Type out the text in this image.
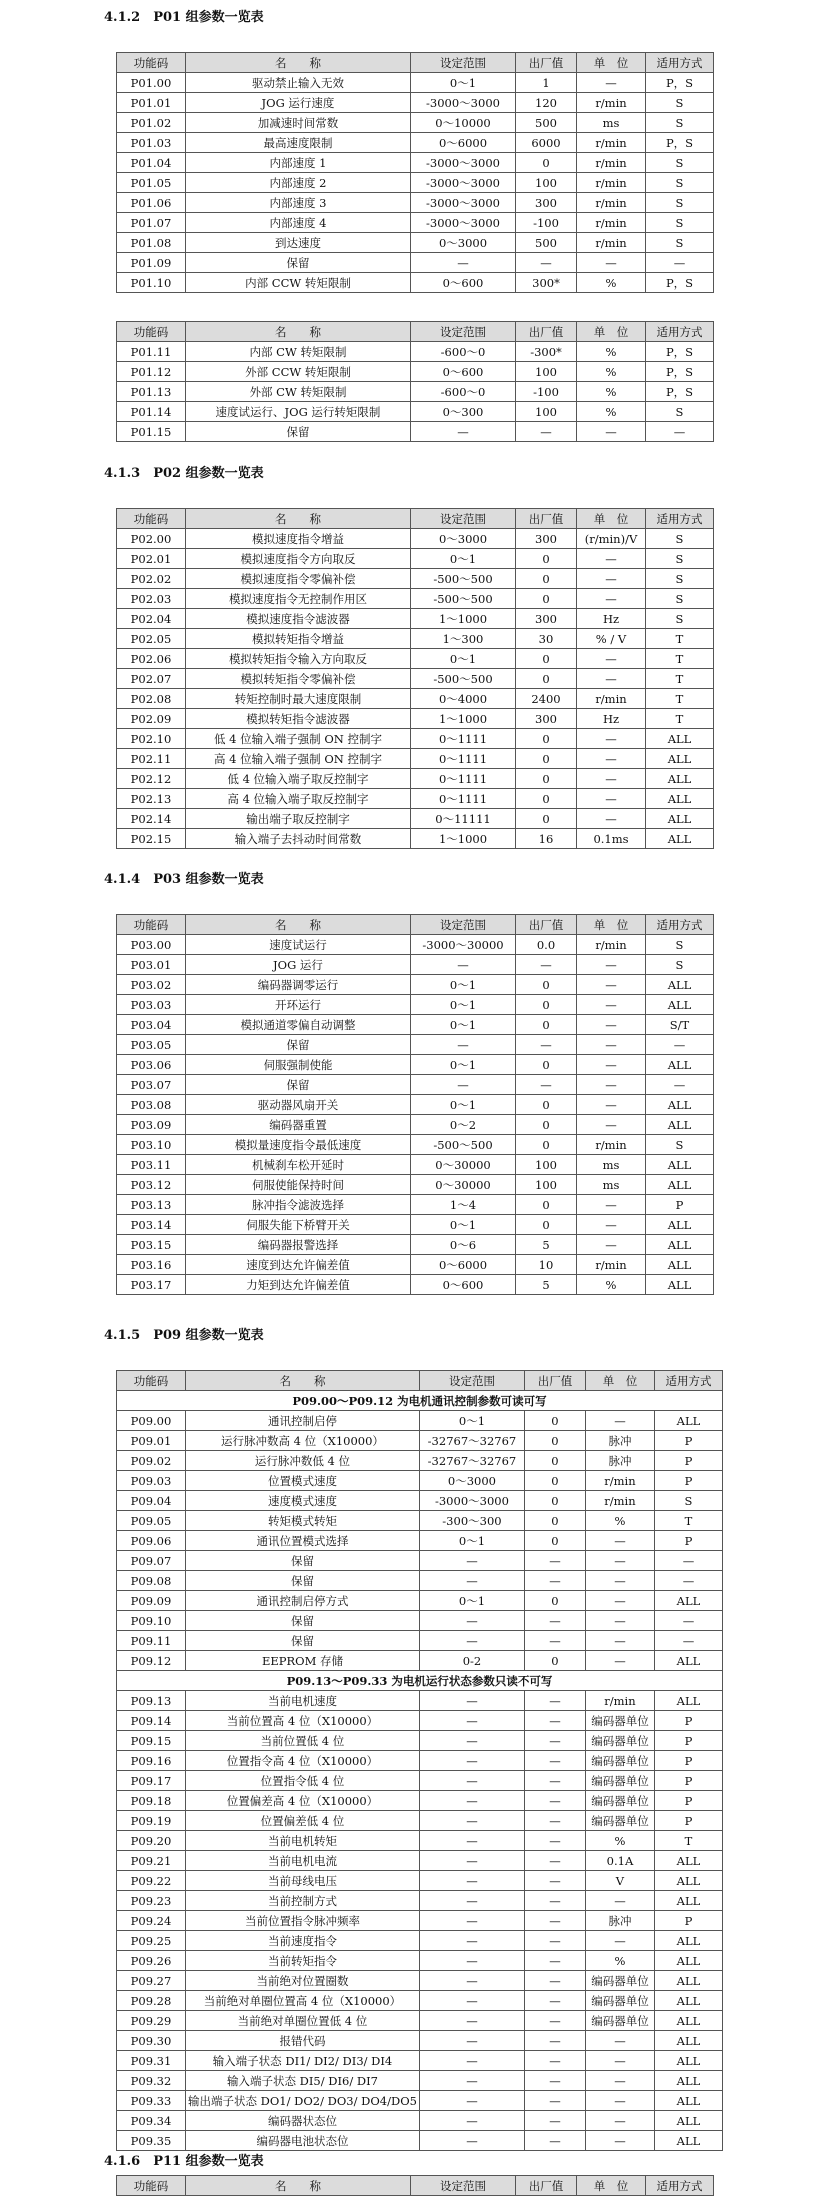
4.1.2　P01 组参数一览表
功能码	名　　称	设定范围	出厂值	单　位	适用方式
P01.00	驱动禁止输入无效	0～1	1	—	P，S
P01.01	JOG 运行速度	-3000～3000	120	r/min	S
P01.02	加减速时间常数	0～10000	500	ms	S
P01.03	最高速度限制	0～6000	6000	r/min	P，S
P01.04	内部速度 1	-3000～3000	0	r/min	S
P01.05	内部速度 2	-3000～3000	100	r/min	S
P01.06	内部速度 3	-3000～3000	300	r/min	S
P01.07	内部速度 4	-3000～3000	-100	r/min	S
P01.08	到达速度	0～3000	500	r/min	S
P01.09	保留	—	—	—	—
P01.10	内部 CCW 转矩限制	0～600	300*	%	P，S
功能码	名　　称	设定范围	出厂值	单　位	适用方式
P01.11	内部 CW 转矩限制	-600～0	-300*	%	P，S
P01.12	外部 CCW 转矩限制	0～600	100	%	P，S
P01.13	外部 CW 转矩限制	-600～0	-100	%	P，S
P01.14	速度试运行、JOG 运行转矩限制	0～300	100	%	S
P01.15	保留	—	—	—	—
4.1.3　P02 组参数一览表
功能码	名　　称	设定范围	出厂值	单　位	适用方式
P02.00	模拟速度指令增益	0～3000	300	(r/min)/V	S
P02.01	模拟速度指令方向取反	0～1	0	—	S
P02.02	模拟速度指令零偏补偿	-500～500	0	—	S
P02.03	模拟速度指令无控制作用区	-500～500	0	—	S
P02.04	模拟速度指令滤波器	1～1000	300	Hz	S
P02.05	模拟转矩指令增益	1～300	30	% / V	T
P02.06	模拟转矩指令输入方向取反	0～1	0	—	T
P02.07	模拟转矩指令零偏补偿	-500～500	0	—	T
P02.08	转矩控制时最大速度限制	0～4000	2400	r/min	T
P02.09	模拟转矩指令滤波器	1～1000	300	Hz	T
P02.10	低 4 位输入端子强制 ON 控制字	0～1111	0	—	ALL
P02.11	高 4 位输入端子强制 ON 控制字	0～1111	0	—	ALL
P02.12	低 4 位输入端子取反控制字	0～1111	0	—	ALL
P02.13	高 4 位输入端子取反控制字	0～1111	0	—	ALL
P02.14	输出端子取反控制字	0～11111	0	—	ALL
P02.15	输入端子去抖动时间常数	1～1000	16	0.1ms	ALL
4.1.4　P03 组参数一览表
功能码	名　　称	设定范围	出厂值	单　位	适用方式
P03.00	速度试运行	-3000～30000	0.0	r/min	S
P03.01	JOG 运行	—	—	—	S
P03.02	编码器调零运行	0～1	0	—	ALL
P03.03	开环运行	0～1	0	—	ALL
P03.04	模拟通道零偏自动调整	0～1	0	—	S/T
P03.05	保留	—	—	—	—
P03.06	伺服强制使能	0～1	0	—	ALL
P03.07	保留	—	—	—	—
P03.08	驱动器风扇开关	0～1	0	—	ALL
P03.09	编码器重置	0～2	0	—	ALL
P03.10	模拟量速度指令最低速度	-500～500	0	r/min	S
P03.11	机械刹车松开延时	0～30000	100	ms	ALL
P03.12	伺服使能保持时间	0～30000	100	ms	ALL
P03.13	脉冲指令滤波选择	1～4	0	—	P
P03.14	伺服失能下桥臂开关	0～1	0	—	ALL
P03.15	编码器报警选择	0～6	5	—	ALL
P03.16	速度到达允许偏差值	0～6000	10	r/min	ALL
P03.17	力矩到达允许偏差值	0～600	5	%	ALL
4.1.5　P09 组参数一览表
功能码	名　　称	设定范围	出厂值	单　位	适用方式
P09.00～P09.12 为电机通讯控制参数可读可写					
P09.00	通讯控制启停	0～1	0	—	ALL
P09.01	运行脉冲数高 4 位（X10000）	-32767～32767	0	脉冲	P
P09.02	运行脉冲数低 4 位	-32767～32767	0	脉冲	P
P09.03	位置模式速度	0～3000	0	r/min	P
P09.04	速度模式速度	-3000～3000	0	r/min	S
P09.05	转矩模式转矩	-300～300	0	%	T
P09.06	通讯位置模式选择	0～1	0	—	P
P09.07	保留	—	—	—	—
P09.08	保留	—	—	—	—
P09.09	通讯控制启停方式	0～1	0	—	ALL
P09.10	保留	—	—	—	—
P09.11	保留	—	—	—	—
P09.12	EEPROM 存储	0-2	0	—	ALL
P09.13～P09.33 为电机运行状态参数只读不可写					
P09.13	当前电机速度	—	—	r/min	ALL
P09.14	当前位置高 4 位（X10000）	—	—	编码器单位	P
P09.15	当前位置低 4 位	—	—	编码器单位	P
P09.16	位置指令高 4 位（X10000）	—	—	编码器单位	P
P09.17	位置指令低 4 位	—	—	编码器单位	P
P09.18	位置偏差高 4 位（X10000）	—	—	编码器单位	P
P09.19	位置偏差低 4 位	—	—	编码器单位	P
P09.20	当前电机转矩	—	—	%	T
P09.21	当前电机电流	—	—	0.1A	ALL
P09.22	当前母线电压	—	—	V	ALL
P09.23	当前控制方式	—	—	—	ALL
P09.24	当前位置指令脉冲频率	—	—	脉冲	P
P09.25	当前速度指令	—	—	—	ALL
P09.26	当前转矩指令	—	—	%	ALL
P09.27	当前绝对位置圈数	—	—	编码器单位	ALL
P09.28	当前绝对单圈位置高 4 位（X10000）	—	—	编码器单位	ALL
P09.29	当前绝对单圈位置低 4 位	—	—	编码器单位	ALL
P09.30	报错代码	—	—	—	ALL
P09.31	输入端子状态 DI1/ DI2/ DI3/ DI4	—	—	—	ALL
P09.32	输入端子状态 DI5/ DI6/ DI7	—	—	—	ALL
P09.33	输出端子状态 DO1/ DO2/ DO3/ DO4/DO5	—	—	—	ALL
P09.34	编码器状态位	—	—	—	ALL
P09.35	编码器电池状态位	—	—	—	ALL
4.1.6　P11 组参数一览表
功能码	名　　称	设定范围	出厂值	单　位	适用方式
